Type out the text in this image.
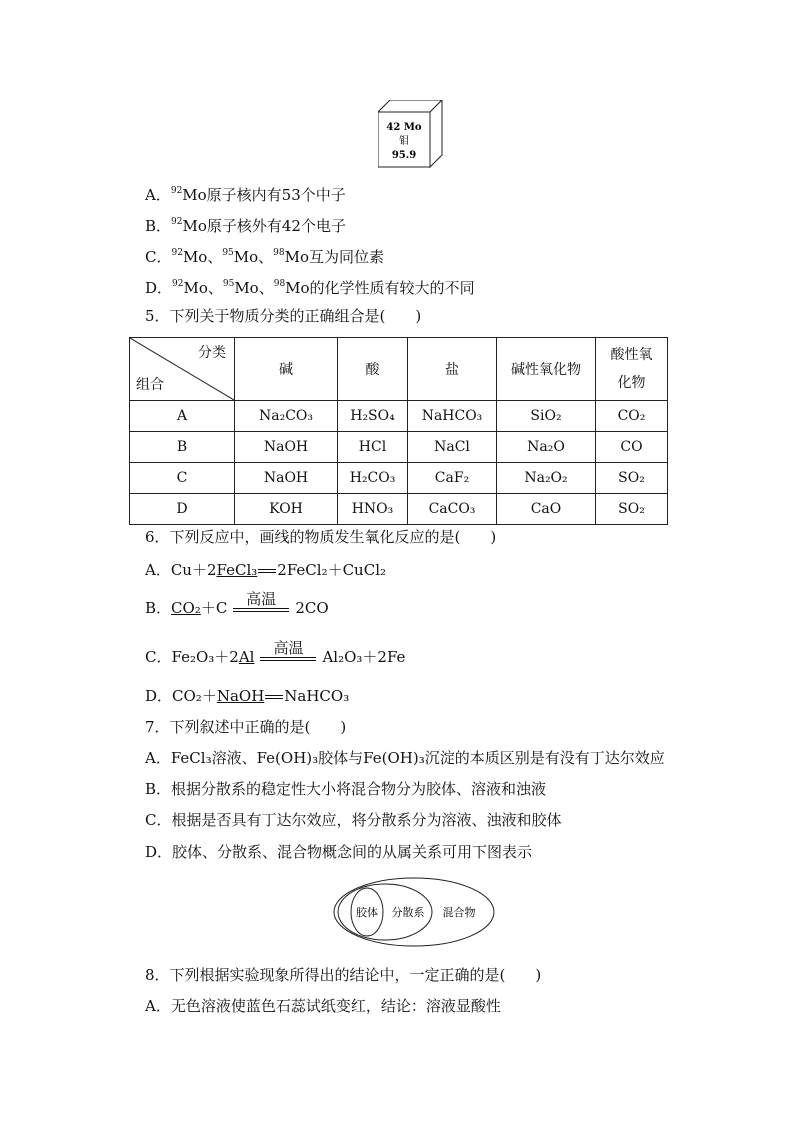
42 Mo
钼
95.9
A．$^{92}$Mo原子核内有53个中子
B．$^{92}$Mo原子核外有42个电子
C．$^{92}$Mo、$^{95}$Mo、$^{98}$Mo互为同位素
D．$^{92}$Mo、$^{95}$Mo、$^{98}$Mo的化学性质有较大的不同
5．下列关于物质分类的正确组合是(　　)
分类
组合	碱	酸	盐	碱性氧化物	酸性氧化物
A	Na₂CO₃	H₂SO₄	NaHCO₃	SiO₂	CO₂
B	NaOH	HCl	NaCl	Na₂O	CO
C	NaOH	H₂CO₃	CaF₂	Na₂O₂	SO₂
D	KOH	HNO₃	CaCO₃	CaO	SO₂
6．下列反应中，画线的物质发生氧化反应的是(　　)
A．Cu＋2FeCl₃ 2FeCl₂＋CuCl₂
B．CO₂＋C
高温
2CO
C．Fe₂O₃＋2Al
高温
Al₂O₃＋2Fe
D．CO₂＋NaOH NaHCO₃
7．下列叙述中正确的是(　　)
A．FeCl₃溶液、Fe(OH)₃胶体与Fe(OH)₃沉淀的本质区别是有没有丁达尔效应
B．根据分散系的稳定性大小将混合物分为胶体、溶液和浊液
C．根据是否具有丁达尔效应，将分散系分为溶液、浊液和胶体
D．胶体、分散系、混合物概念间的从属关系可用下图表示
胶体 分散系 混合物
8．下列根据实验现象所得出的结论中，一定正确的是(　　)
A．无色溶液使蓝色石蕊试纸变红，结论：溶液显酸性
